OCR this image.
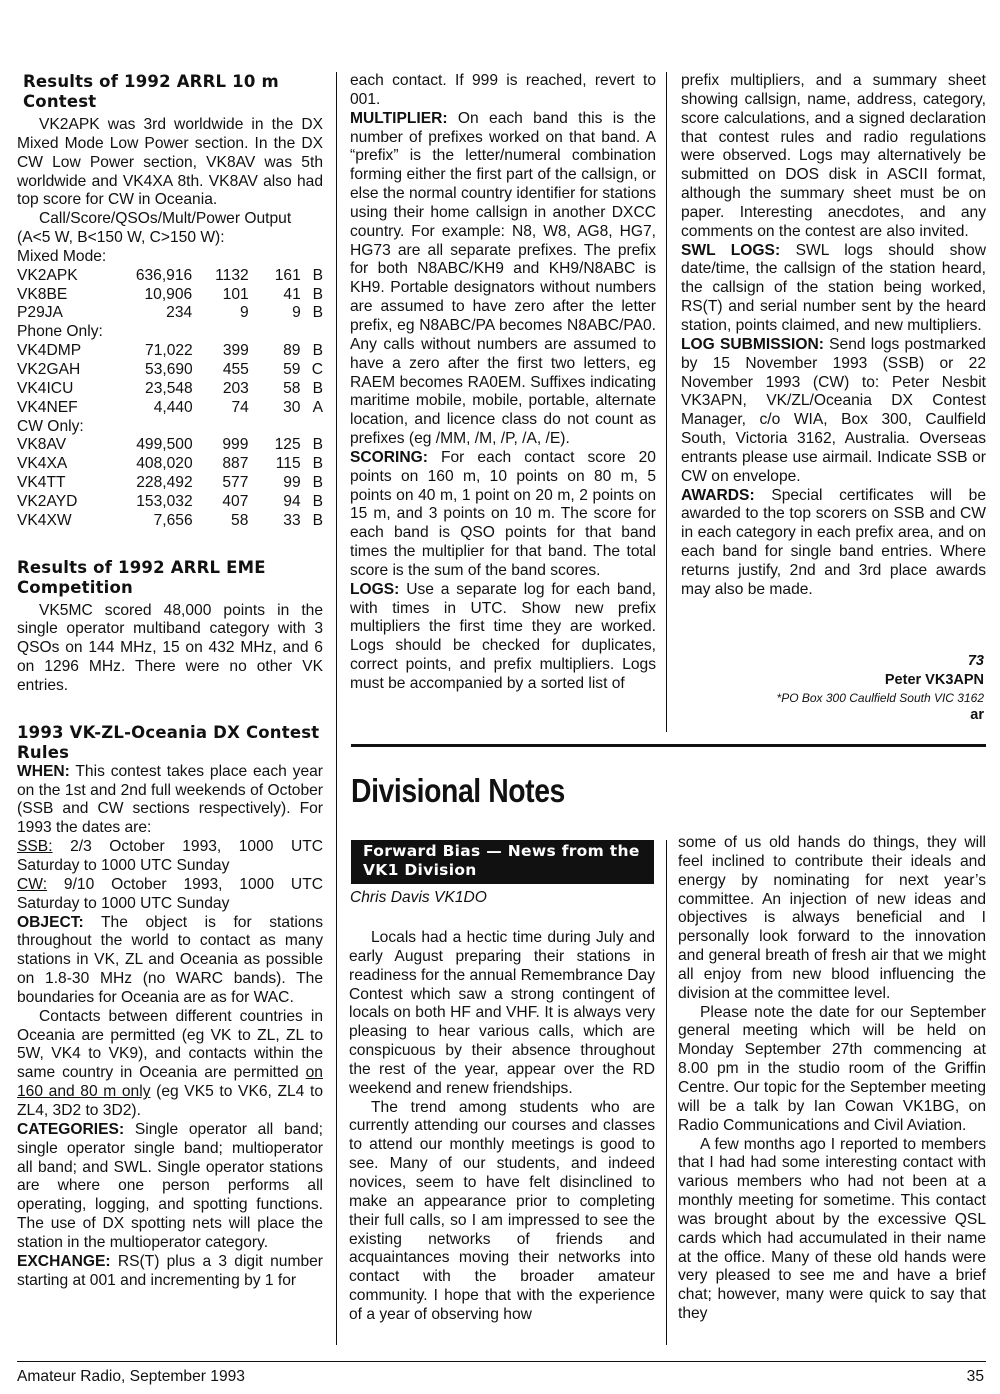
Results of 1992 ARRL 10 m Contest

VK2APK was 3rd worldwide in the DX Mixed Mode Low Power section. In the DX CW Low Power section, VK8AV was 5th worldwide and VK4XA 8th. VK8AV also had top score for CW in Oceania.

Call/Score/QSOs/Mult/Power Output (A<5 W, B<150 W, C>150 W):

Mixed Mode:
VK2APK	636,916	1132	161	B
VK8BE	10,906	101	41	B
P29JA	234	9	9	B
Phone Only:
VK4DMP	71,022	399	89	B
VK2GAH	53,690	455	59	C
VK4ICU	23,548	203	58	B
VK4NEF	4,440	74	30	A
CW Only:
VK8AV	499,500	999	125	B
VK4XA	408,020	887	115	B
VK4TT	228,492	577	99	B
VK2AYD	153,032	407	94	B
VK4XW	7,656	58	33	B
Results of 1992 ARRL EME Competition

VK5MC scored 48,000 points in the single operator multiband category with 3 QSOs on 144 MHz, 15 on 432 MHz, and 6 on 1296 MHz. There were no other VK entries.

1993 VK-ZL-Oceania DX Contest Rules

WHEN: This contest takes place each year on the 1st and 2nd full weekends of October (SSB and CW sections respectively). For 1993 the dates are:

SSB: 2/3 October 1993, 1000 UTC Saturday to 1000 UTC Sunday

CW: 9/10 October 1993, 1000 UTC Saturday to 1000 UTC Sunday

OBJECT: The object is for stations throughout the world to contact as many stations in VK, ZL and Oceania as possible on 1.8-30 MHz (no WARC bands). The boundaries for Oceania are as for WAC.

Contacts between different countries in Oceania are permitted (eg VK to ZL, ZL to 5W, VK4 to VK9), and contacts within the same country in Oceania are permitted on 160 and 80 m only (eg VK5 to VK6, ZL4 to ZL4, 3D2 to 3D2).

CATEGORIES: Single operator all band; single operator single band; multioperator all band; and SWL. Single operator stations are where one person performs all operating, logging, and spotting functions. The use of DX spotting nets will place the station in the multioperator category.

EXCHANGE: RS(T) plus a 3 digit number starting at 001 and incrementing by 1 for

each contact. If 999 is reached, revert to 001.

MULTIPLIER: On each band this is the number of prefixes worked on that band. A “prefix” is the letter/numeral combination forming either the first part of the callsign, or else the normal country identifier for stations using their home callsign in another DXCC country. For example: N8, W8, AG8, HG7, HG73 are all separate prefixes. The prefix for both N8ABC/KH9 and KH9/N8ABC is KH9. Portable designators without numbers are assumed to have zero after the letter prefix, eg N8ABC/PA becomes N8ABC/PA0. Any calls without numbers are assumed to have a zero after the first two letters, eg RAEM becomes RA0EM. Suffixes indicating maritime mobile, mobile, portable, alternate location, and licence class do not count as prefixes (eg /MM, /M, /P, /A, /E).

SCORING: For each contact score 20 points on 160 m, 10 points on 80 m, 5 points on 40 m, 1 point on 20 m, 2 points on 15 m, and 3 points on 10 m. The score for each band is QSO points for that band times the multiplier for that band. The total score is the sum of the band scores.

LOGS: Use a separate log for each band, with times in UTC. Show new prefix multipliers the first time they are worked. Logs should be checked for duplicates, correct points, and prefix multipliers. Logs must be accompanied by a sorted list of

prefix multipliers, and a summary sheet showing callsign, name, address, category, score calculations, and a signed declaration that contest rules and radio regulations were observed. Logs may alternatively be submitted on DOS disk in ASCII format, although the summary sheet must be on paper. Interesting anecdotes, and any comments on the contest are also invited.

SWL LOGS: SWL logs should show date/time, the callsign of the station heard, the callsign of the station being worked, RS(T) and serial number sent by the heard station, points claimed, and new multipliers.

LOG SUBMISSION: Send logs postmarked by 15 November 1993 (SSB) or 22 November 1993 (CW) to: Peter Nesbit VK3APN, VK/ZL/Oceania DX Contest Manager, c/o WIA, Box 300, Caulfield South, Victoria 3162, Australia. Overseas entrants please use airmail. Indicate SSB or CW on envelope.

AWARDS: Special certificates will be awarded to the top scorers on SSB and CW in each category in each prefix area, and on each band for single band entries. Where returns justify, 2nd and 3rd place awards may also be made.

73
Peter VK3APN
*PO Box 300 Caulfield South VIC 3162
ar
Divisional Notes
Forward Bias — News from the VK1 Division
Chris Davis VK1DO

Locals had a hectic time during July and early August preparing their stations in readiness for the annual Remembrance Day Contest which saw a strong contingent of locals on both HF and VHF. It is always very pleasing to hear various calls, which are conspicuous by their absence throughout the rest of the year, appear over the RD weekend and renew friendships.

The trend among students who are currently attending our courses and classes to attend our monthly meetings is good to see. Many of our students, and indeed novices, seem to have felt disinclined to make an appearance prior to completing their full calls, so I am impressed to see the existing networks of friends and acquaintances moving their networks into contact with the broader amateur community. I hope that with the experience of a year of observing how

some of us old hands do things, they will feel inclined to contribute their ideals and energy by nominating for next year’s committee. An injection of new ideas and objectives is always beneficial and I personally look forward to the innovation and general breath of fresh air that we might all enjoy from new blood influencing the division at the committee level.

Please note the date for our September general meeting which will be held on Monday September 27th commencing at 8.00 pm in the studio room of the Griffin Centre. Our topic for the September meeting will be a talk by Ian Cowan VK1BG, on Radio Communications and Civil Aviation.

A few months ago I reported to members that I had had some interesting contact with various members who had not been at a monthly meeting for sometime. This contact was brought about by the excessive QSL cards which had accumulated in their name at the office. Many of these old hands were very pleased to see me and have a brief chat; however, many were quick to say that they

Amateur Radio, September 1993	35
